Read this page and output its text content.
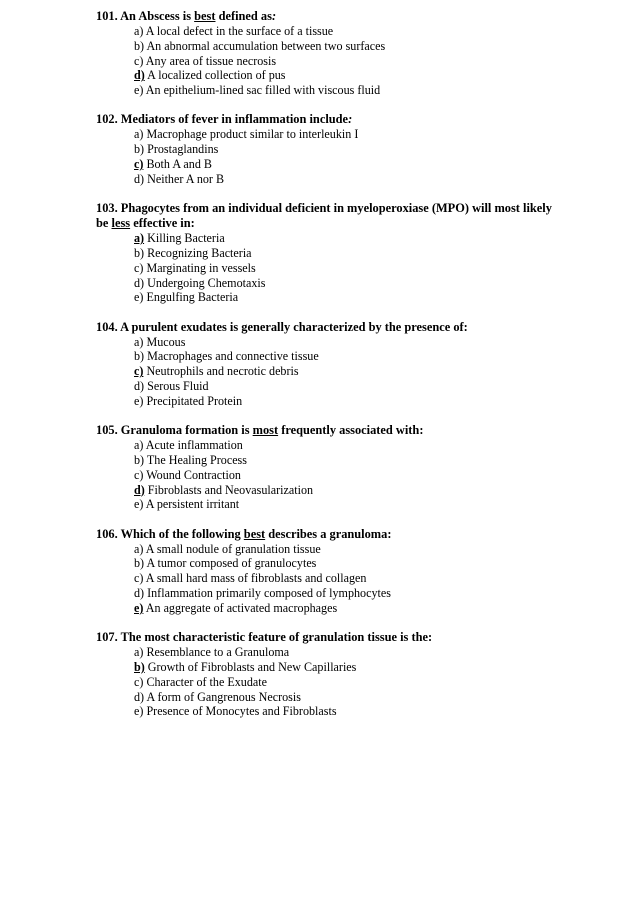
101. An Abscess is best defined as:
a) A local defect in the surface of a tissue
b) An abnormal accumulation between two surfaces
c) Any area of tissue necrosis
d) A localized collection of pus
e) An epithelium-lined sac filled with viscous fluid
102. Mediators of fever in inflammation include:
a) Macrophage product similar to interleukin I
b) Prostaglandins
c) Both A and B
d) Neither A nor B
103. Phagocytes from an individual deficient in myeloperoxiase (MPO) will most likely be less effective in:
a) Killing Bacteria
b) Recognizing Bacteria
c) Marginating in vessels
d) Undergoing Chemotaxis
e) Engulfing Bacteria
104. A purulent exudates is generally characterized by the presence of:
a) Mucous
b) Macrophages and connective tissue
c) Neutrophils and necrotic debris
d) Serous Fluid
e) Precipitated Protein
105. Granuloma formation is most frequently associated with:
a) Acute inflammation
b) The Healing Process
c) Wound Contraction
d) Fibroblasts and Neovasularization
e) A persistent irritant
106. Which of the following best describes a granuloma:
a) A small nodule of granulation tissue
b) A tumor composed of granulocytes
c) A small hard mass of fibroblasts and collagen
d) Inflammation primarily composed of lymphocytes
e) An aggregate of activated macrophages
107. The most characteristic feature of granulation tissue is the:
a) Resemblance to a Granuloma
b) Growth of Fibroblasts and New Capillaries
c) Character of the Exudate
d) A form of Gangrenous Necrosis
e) Presence of Monocytes and Fibroblasts
